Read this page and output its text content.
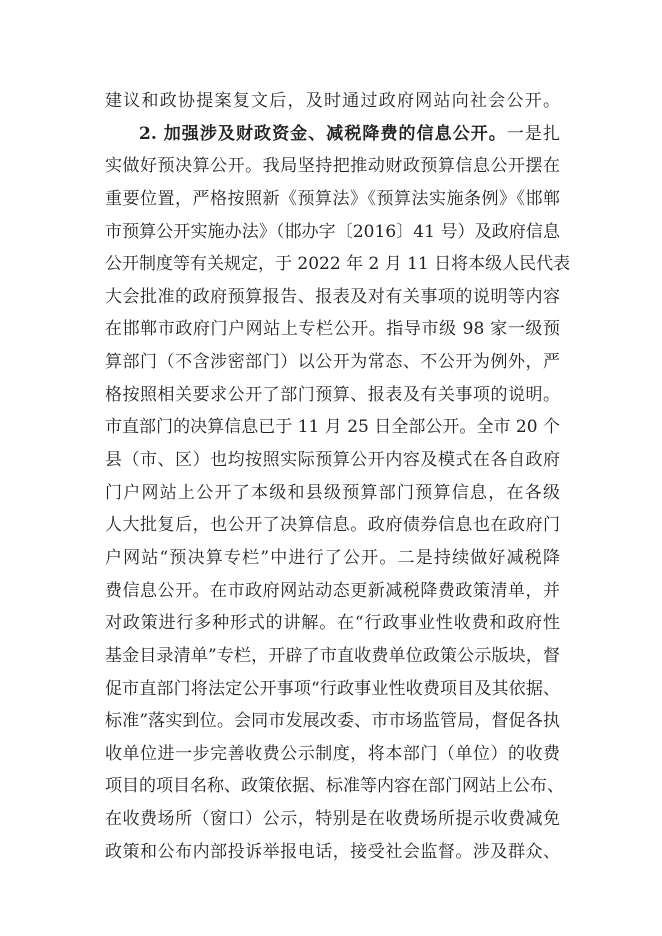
建议和政协提案复文后，及时通过政府网站向社会公开。
2. 加强涉及财政资金、减税降费的信息公开。一是扎
实做好预决算公开。我局坚持把推动财政预算信息公开摆在
重要位置，严格按照新《预算法》《预算法实施条例》《邯郸
市预算公开实施办法》（邯办字〔2016〕41 号）及政府信息
公开制度等有关规定，于 2022 年 2 月 11 日将本级人民代表
大会批准的政府预算报告、报表及对有关事项的说明等内容
在邯郸市政府门户网站上专栏公开。指导市级 98 家一级预
算部门（不含涉密部门）以公开为常态、不公开为例外，严
格按照相关要求公开了部门预算、报表及有关事项的说明。
市直部门的决算信息已于 11 月 25 日全部公开。全市 20 个
县（市、区）也均按照实际预算公开内容及模式在各自政府
门户网站上公开了本级和县级预算部门预算信息，在各级
人大批复后，也公开了决算信息。政府债券信息也在政府门
户网站“预决算专栏”中进行了公开。二是持续做好减税降
费信息公开。在市政府网站动态更新减税降费政策清单，并
对政策进行多种形式的讲解。在“行政事业性收费和政府性
基金目录清单”专栏，开辟了市直收费单位政策公示版块，督
促市直部门将法定公开事项“行政事业性收费项目及其依据、
标准”落实到位。会同市发展改委、市市场监管局，督促各执
收单位进一步完善收费公示制度，将本部门（单位）的收费
项目的项目名称、政策依据、标准等内容在部门网站上公布、
在收费场所（窗口）公示，特别是在收费场所提示收费减免
政策和公布内部投诉举报电话，接受社会监督。涉及群众、
